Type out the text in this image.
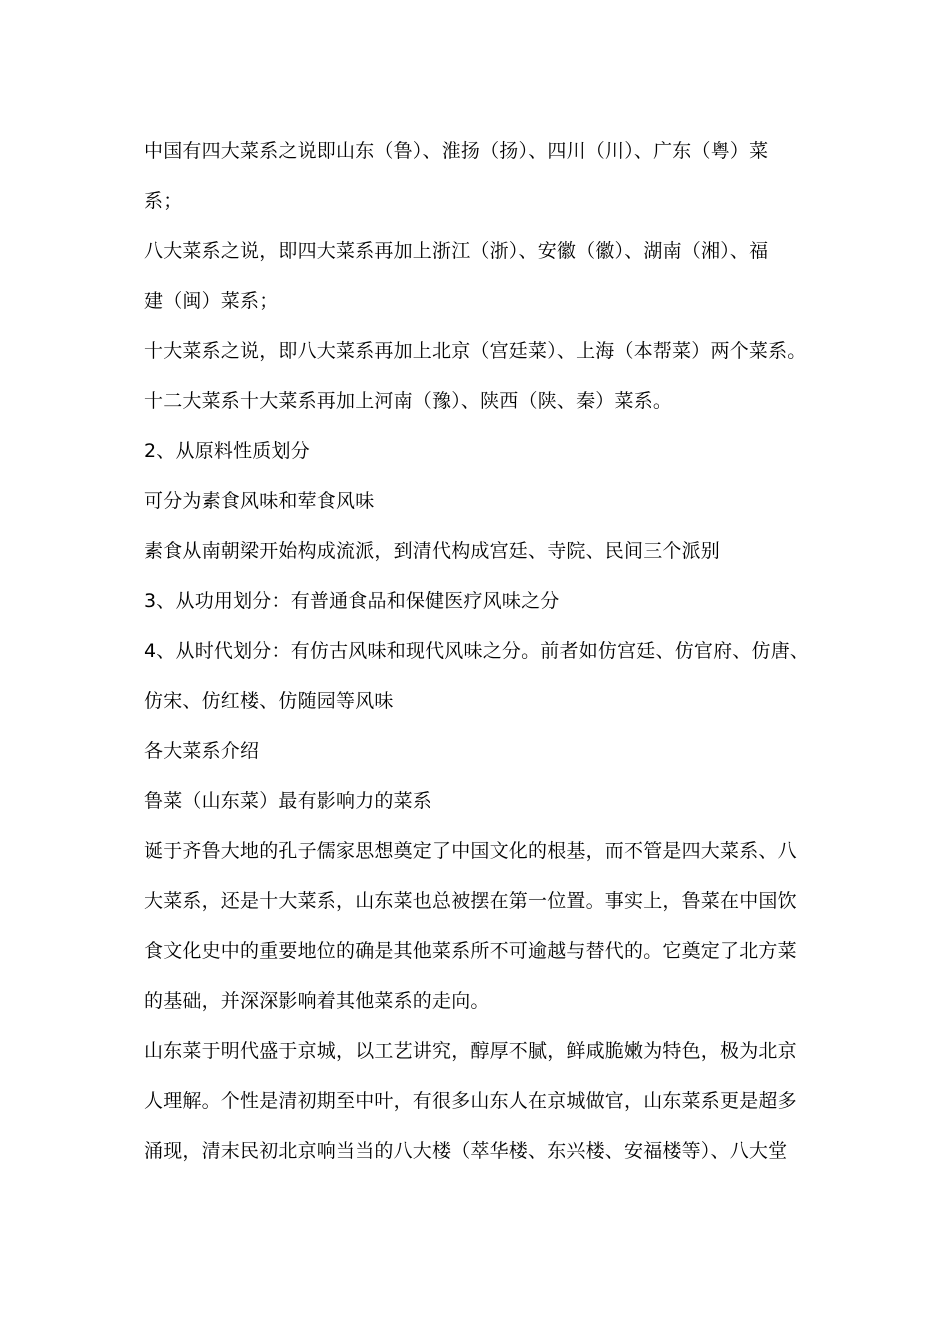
中国有四大菜系之说即山东（鲁）、淮扬（扬）、四川（川）、广东（粤）菜
系；
八大菜系之说，即四大菜系再加上浙江（浙）、安徽（徽）、湖南（湘）、福
建（闽）菜系；
十大菜系之说，即八大菜系再加上北京（宫廷菜）、上海（本帮菜）两个菜系。
十二大菜系十大菜系再加上河南（豫）、陕西（陕、秦）菜系。
2、从原料性质划分
可分为素食风味和荤食风味
素食从南朝梁开始构成流派，到清代构成宫廷、寺院、民间三个派别
3、从功用划分：有普通食品和保健医疗风味之分
4、从时代划分：有仿古风味和现代风味之分。前者如仿宫廷、仿官府、仿唐、
仿宋、仿红楼、仿随园等风味
各大菜系介绍
鲁菜（山东菜）最有影响力的菜系
诞于齐鲁大地的孔子儒家思想奠定了中国文化的根基，而不管是四大菜系、八
大菜系，还是十大菜系，山东菜也总被摆在第一位置。事实上，鲁菜在中国饮
食文化史中的重要地位的确是其他菜系所不可逾越与替代的。它奠定了北方菜
的基础，并深深影响着其他菜系的走向。
山东菜于明代盛于京城，以工艺讲究，醇厚不腻，鲜咸脆嫩为特色，极为北京
人理解。个性是清初期至中叶，有很多山东人在京城做官，山东菜系更是超多
涌现，清末民初北京响当当的八大楼（萃华楼、东兴楼、安福楼等）、八大堂
